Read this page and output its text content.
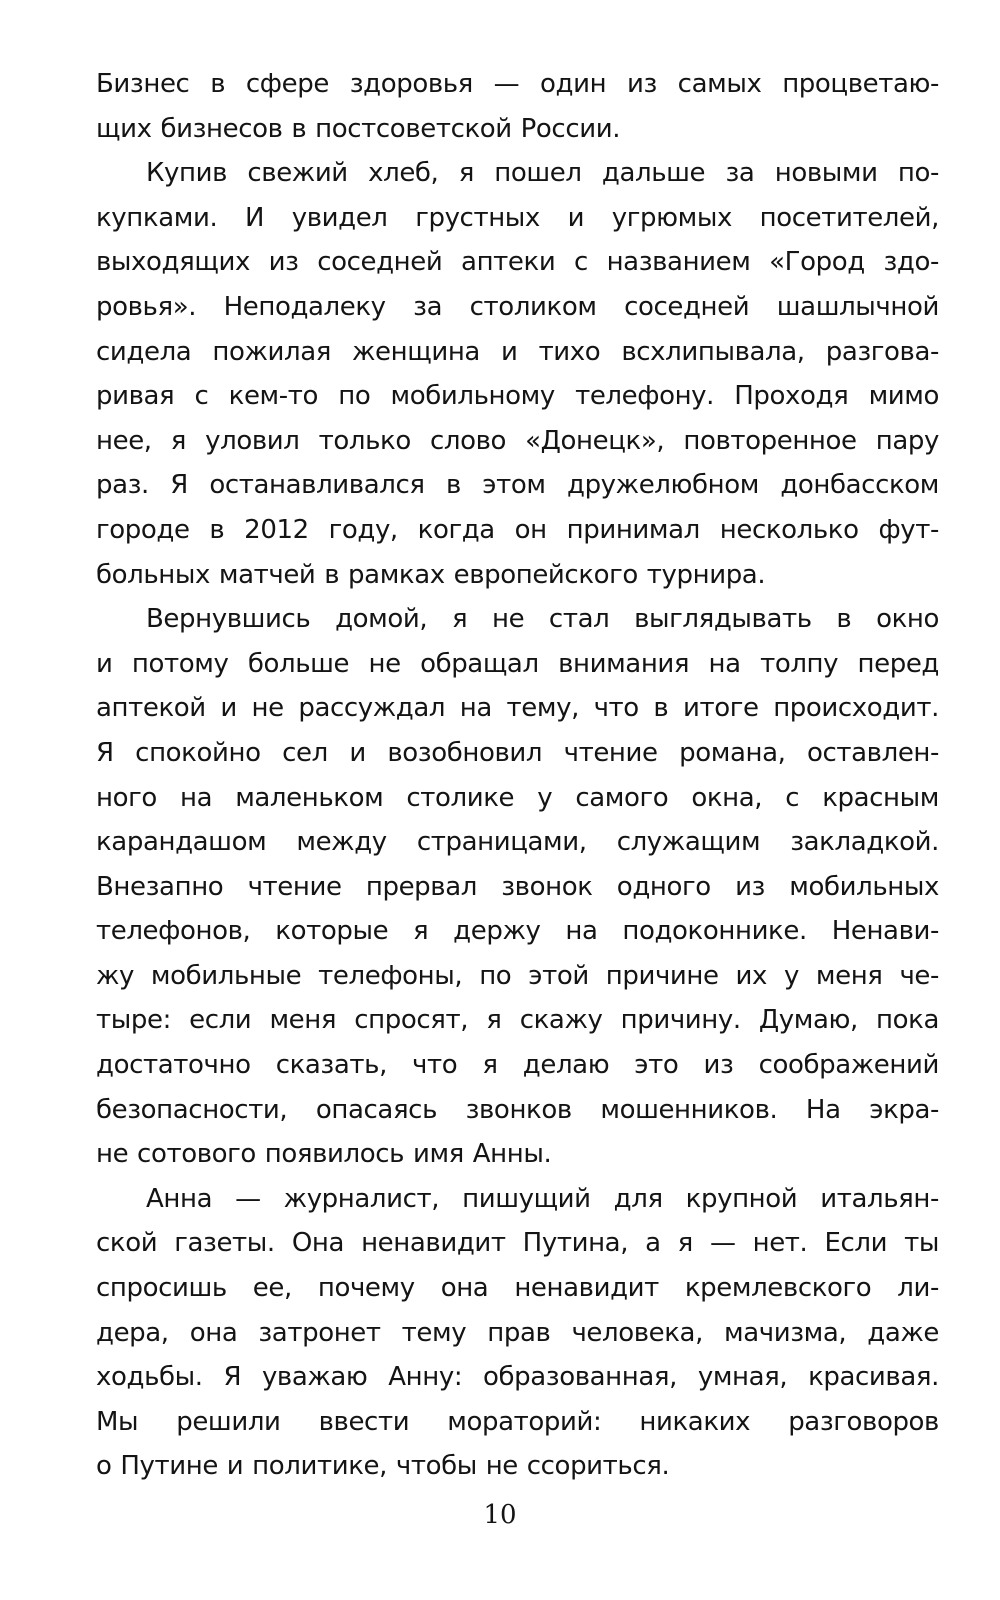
Бизнес в сфере здоровья — один из самых процветаю-
щих бизнесов в постсоветской России.
Купив свежий хлеб, я пошел дальше за новыми по-
купками. И увидел грустных и угрюмых посетителей,
выходящих из соседней аптеки с названием «Город здо-
ровья». Неподалеку за столиком соседней шашлычной
сидела пожилая женщина и тихо всхлипывала, разгова-
ривая с кем-то по мобильному телефону. Проходя мимо
нее, я уловил только слово «Донецк», повторенное пару
раз. Я останавливался в этом дружелюбном донбасском
городе в 2012 году, когда он принимал несколько фут-
больных матчей в рамках европейского турнира.
Вернувшись домой, я не стал выглядывать в окно
и потому больше не обращал внимания на толпу перед
аптекой и не рассуждал на тему, что в итоге происходит.
Я спокойно сел и возобновил чтение романа, оставлен-
ного на маленьком столике у самого окна, с красным
карандашом между страницами, служащим закладкой.
Внезапно чтение прервал звонок одного из мобильных
телефонов, которые я держу на подоконнике. Ненави-
жу мобильные телефоны, по этой причине их у меня че-
тыре: если меня спросят, я скажу причину. Думаю, пока
достаточно сказать, что я делаю это из соображений
безопасности, опасаясь звонков мошенников. На экра-
не сотового появилось имя Анны.
Анна — журналист, пишущий для крупной итальян-
ской газеты. Она ненавидит Путина, а я — нет. Если ты
спросишь ее, почему она ненавидит кремлевского ли-
дера, она затронет тему прав человека, мачизма, даже
ходьбы. Я уважаю Анну: образованная, умная, красивая.
Мы решили ввести мораторий: никаких разговоров
о Путине и политике, чтобы не ссориться.
10
